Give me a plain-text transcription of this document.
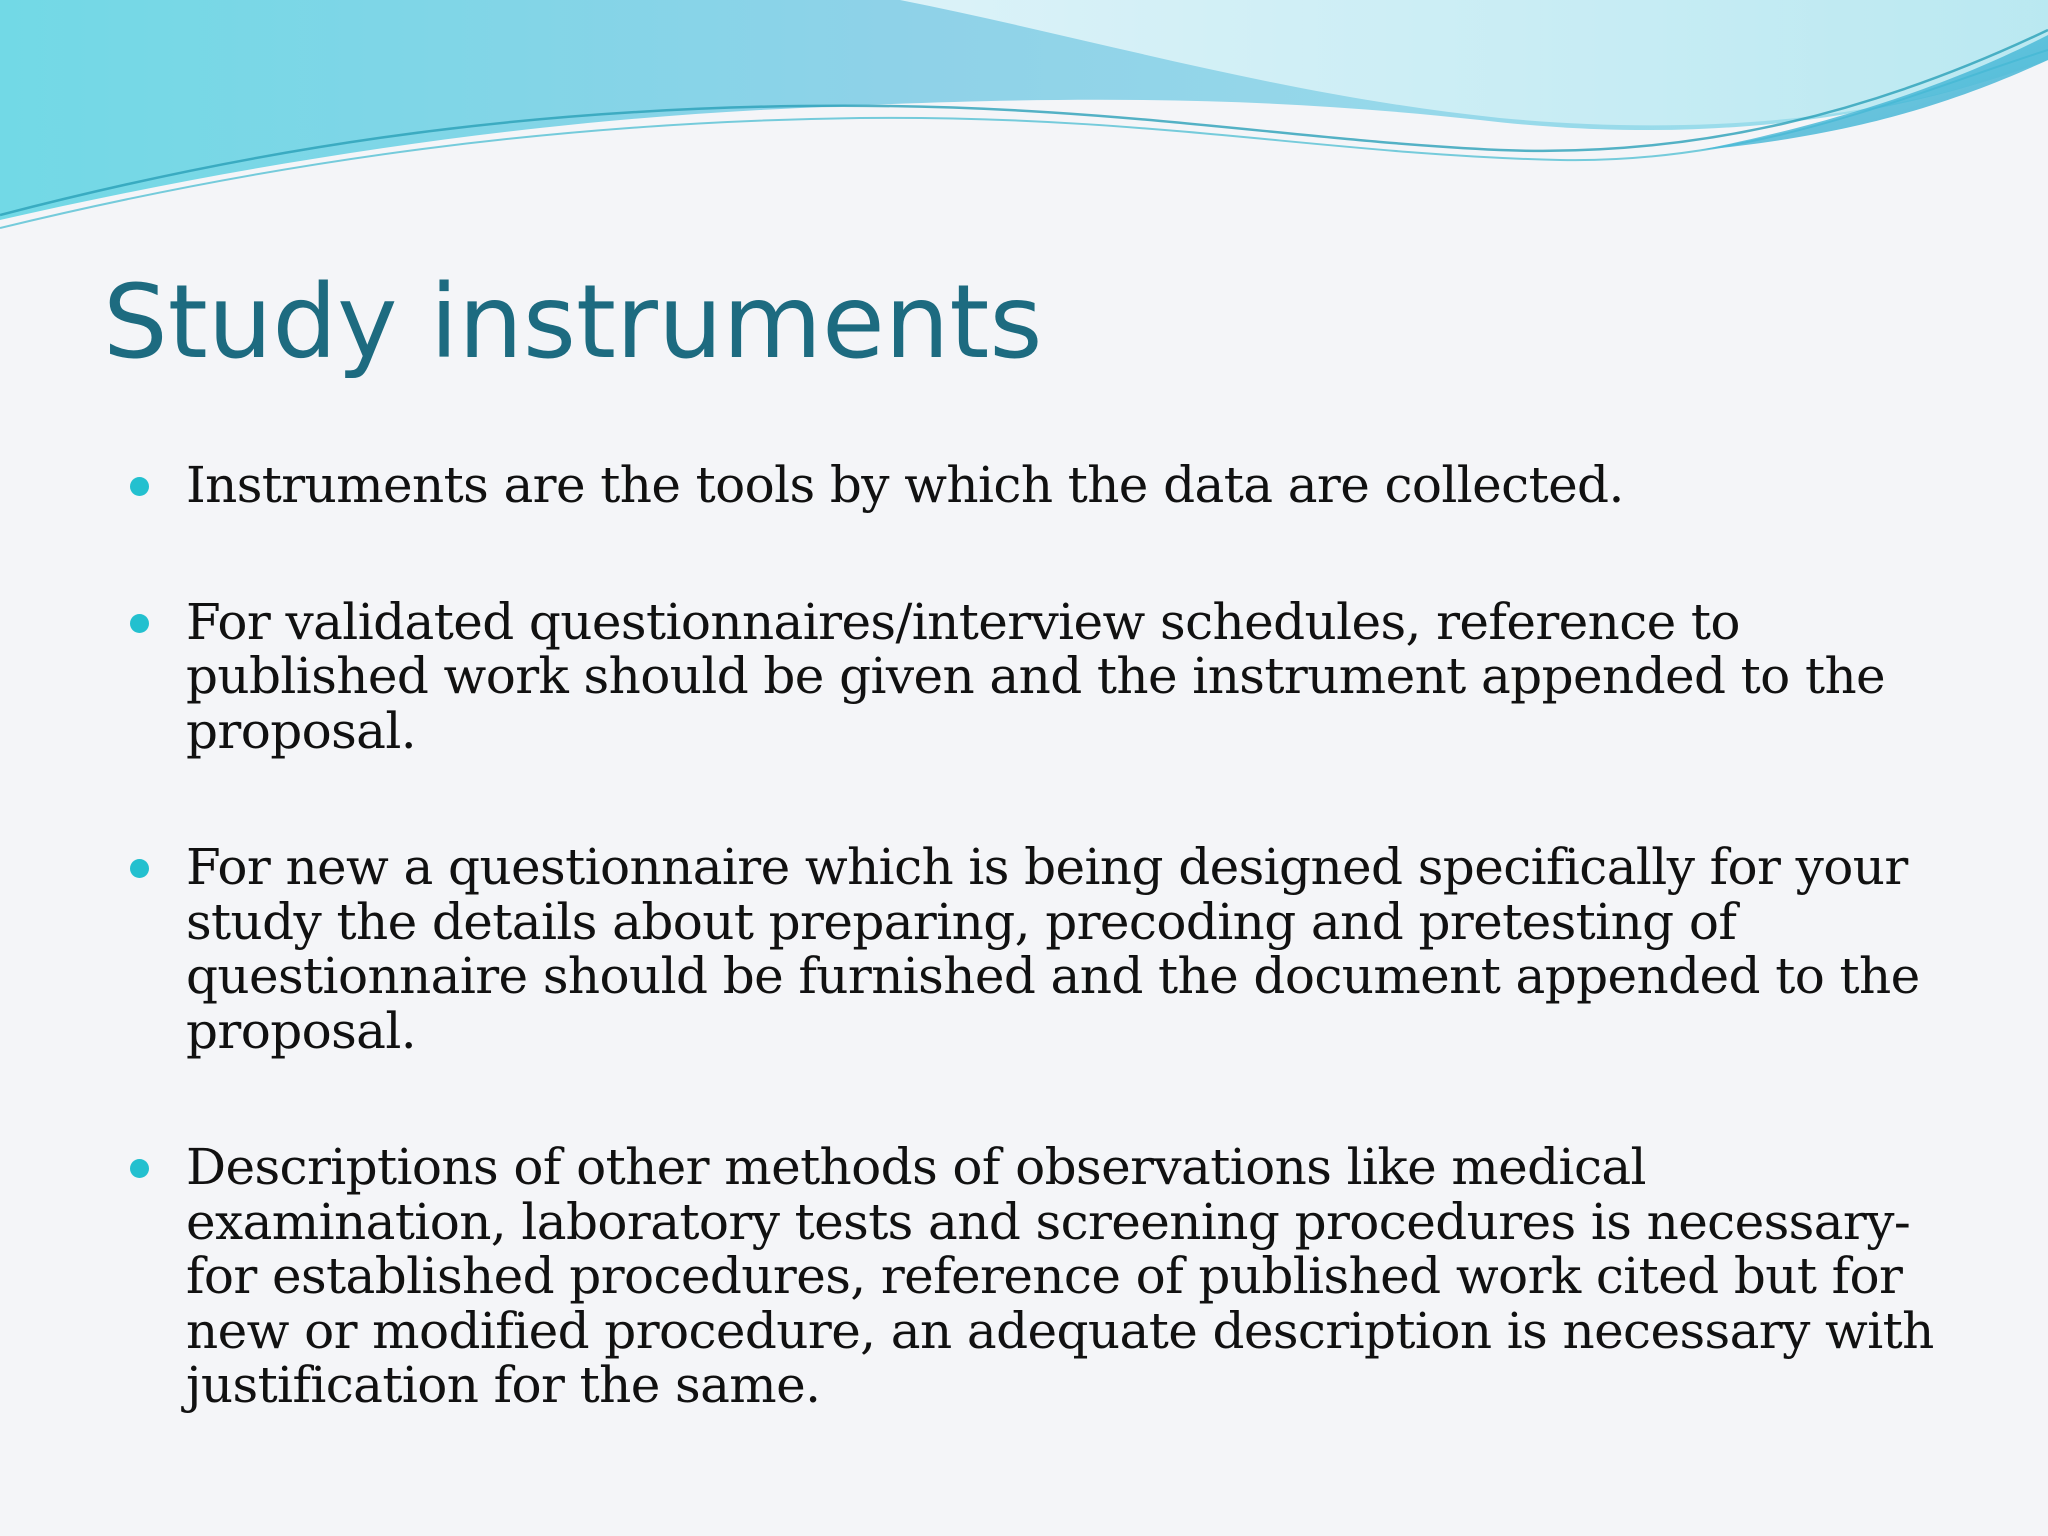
Study instruments
Instruments are the tools by which the data are collected.
For validated questionnaires/interview schedules, reference to
published work should be given and the instrument appended to the
proposal.
For new a questionnaire which is being designed specifically for your
study the details about preparing, precoding and pretesting of
questionnaire should be furnished and the document appended to the
proposal.
Descriptions of other methods of observations like medical
examination, laboratory tests and screening procedures is necessary-
for established procedures, reference of published work cited but for
new or modified procedure, an adequate description is necessary with
justification for the same.
